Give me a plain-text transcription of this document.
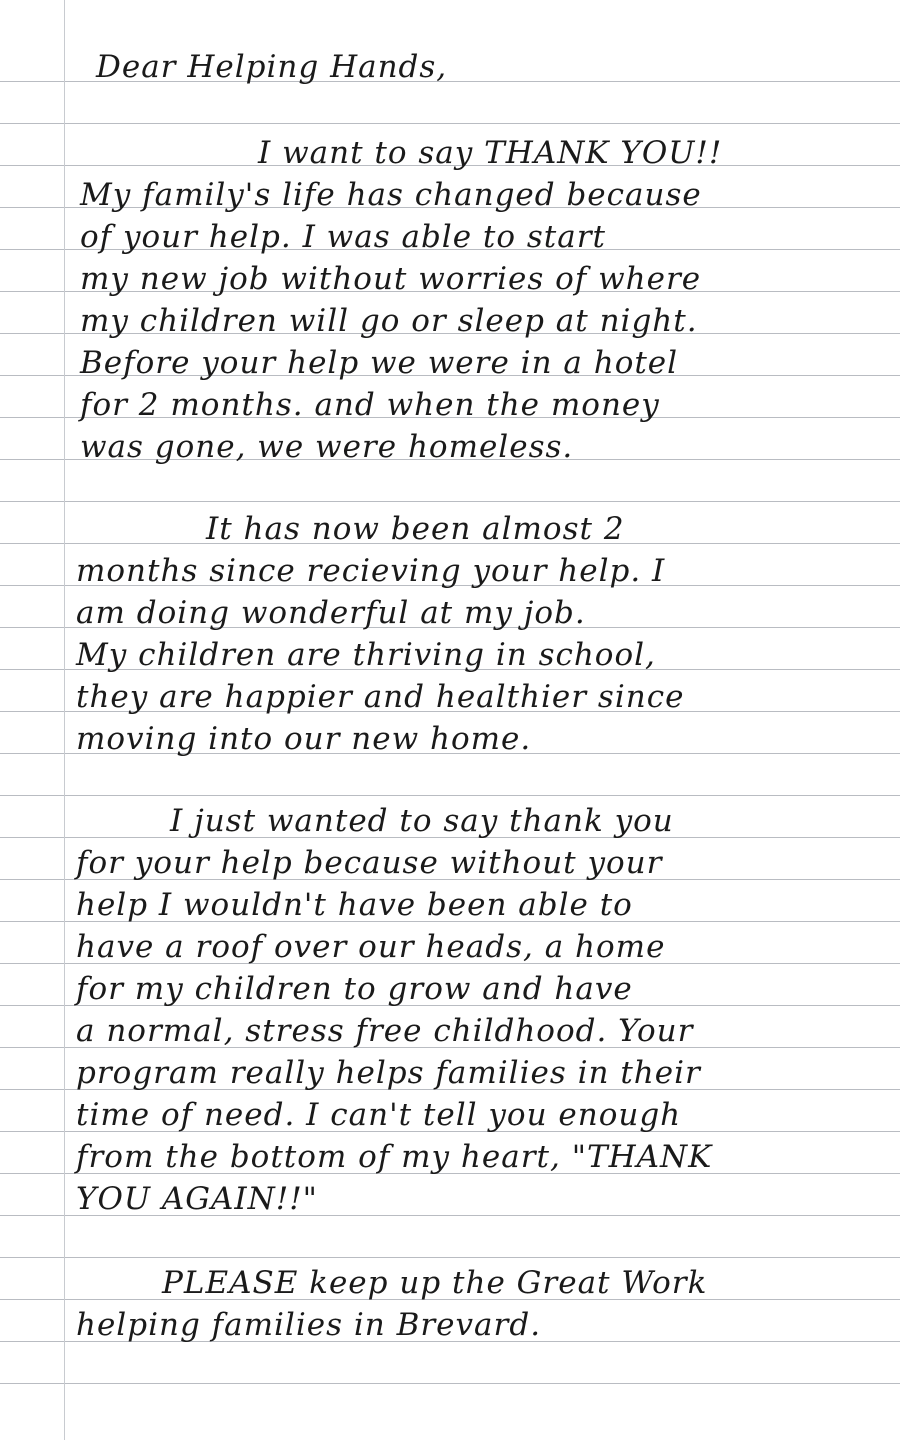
Dear Helping Hands,
I want to say THANK YOU!!
My family's life has changed because
of your help. I was able to start
my new job without worries of where
my children will go or sleep at night.
Before your help we were in a hotel
for 2 months. and when the money
was gone, we were homeless.
It has now been almost 2
months since recieving your help. I
am doing wonderful at my job.
My children are thriving in school,
they are happier and healthier since
moving into our new home.
I just wanted to say thank you
for your help because without your
help I wouldn't have been able to
have a roof over our heads, a home
for my children to grow and have
a normal, stress free childhood. Your
program really helps families in their
time of need. I can't tell you enough
from the bottom of my heart, "THANK
YOU AGAIN!!"
PLEASE keep up the Great Work
helping families in Brevard.
